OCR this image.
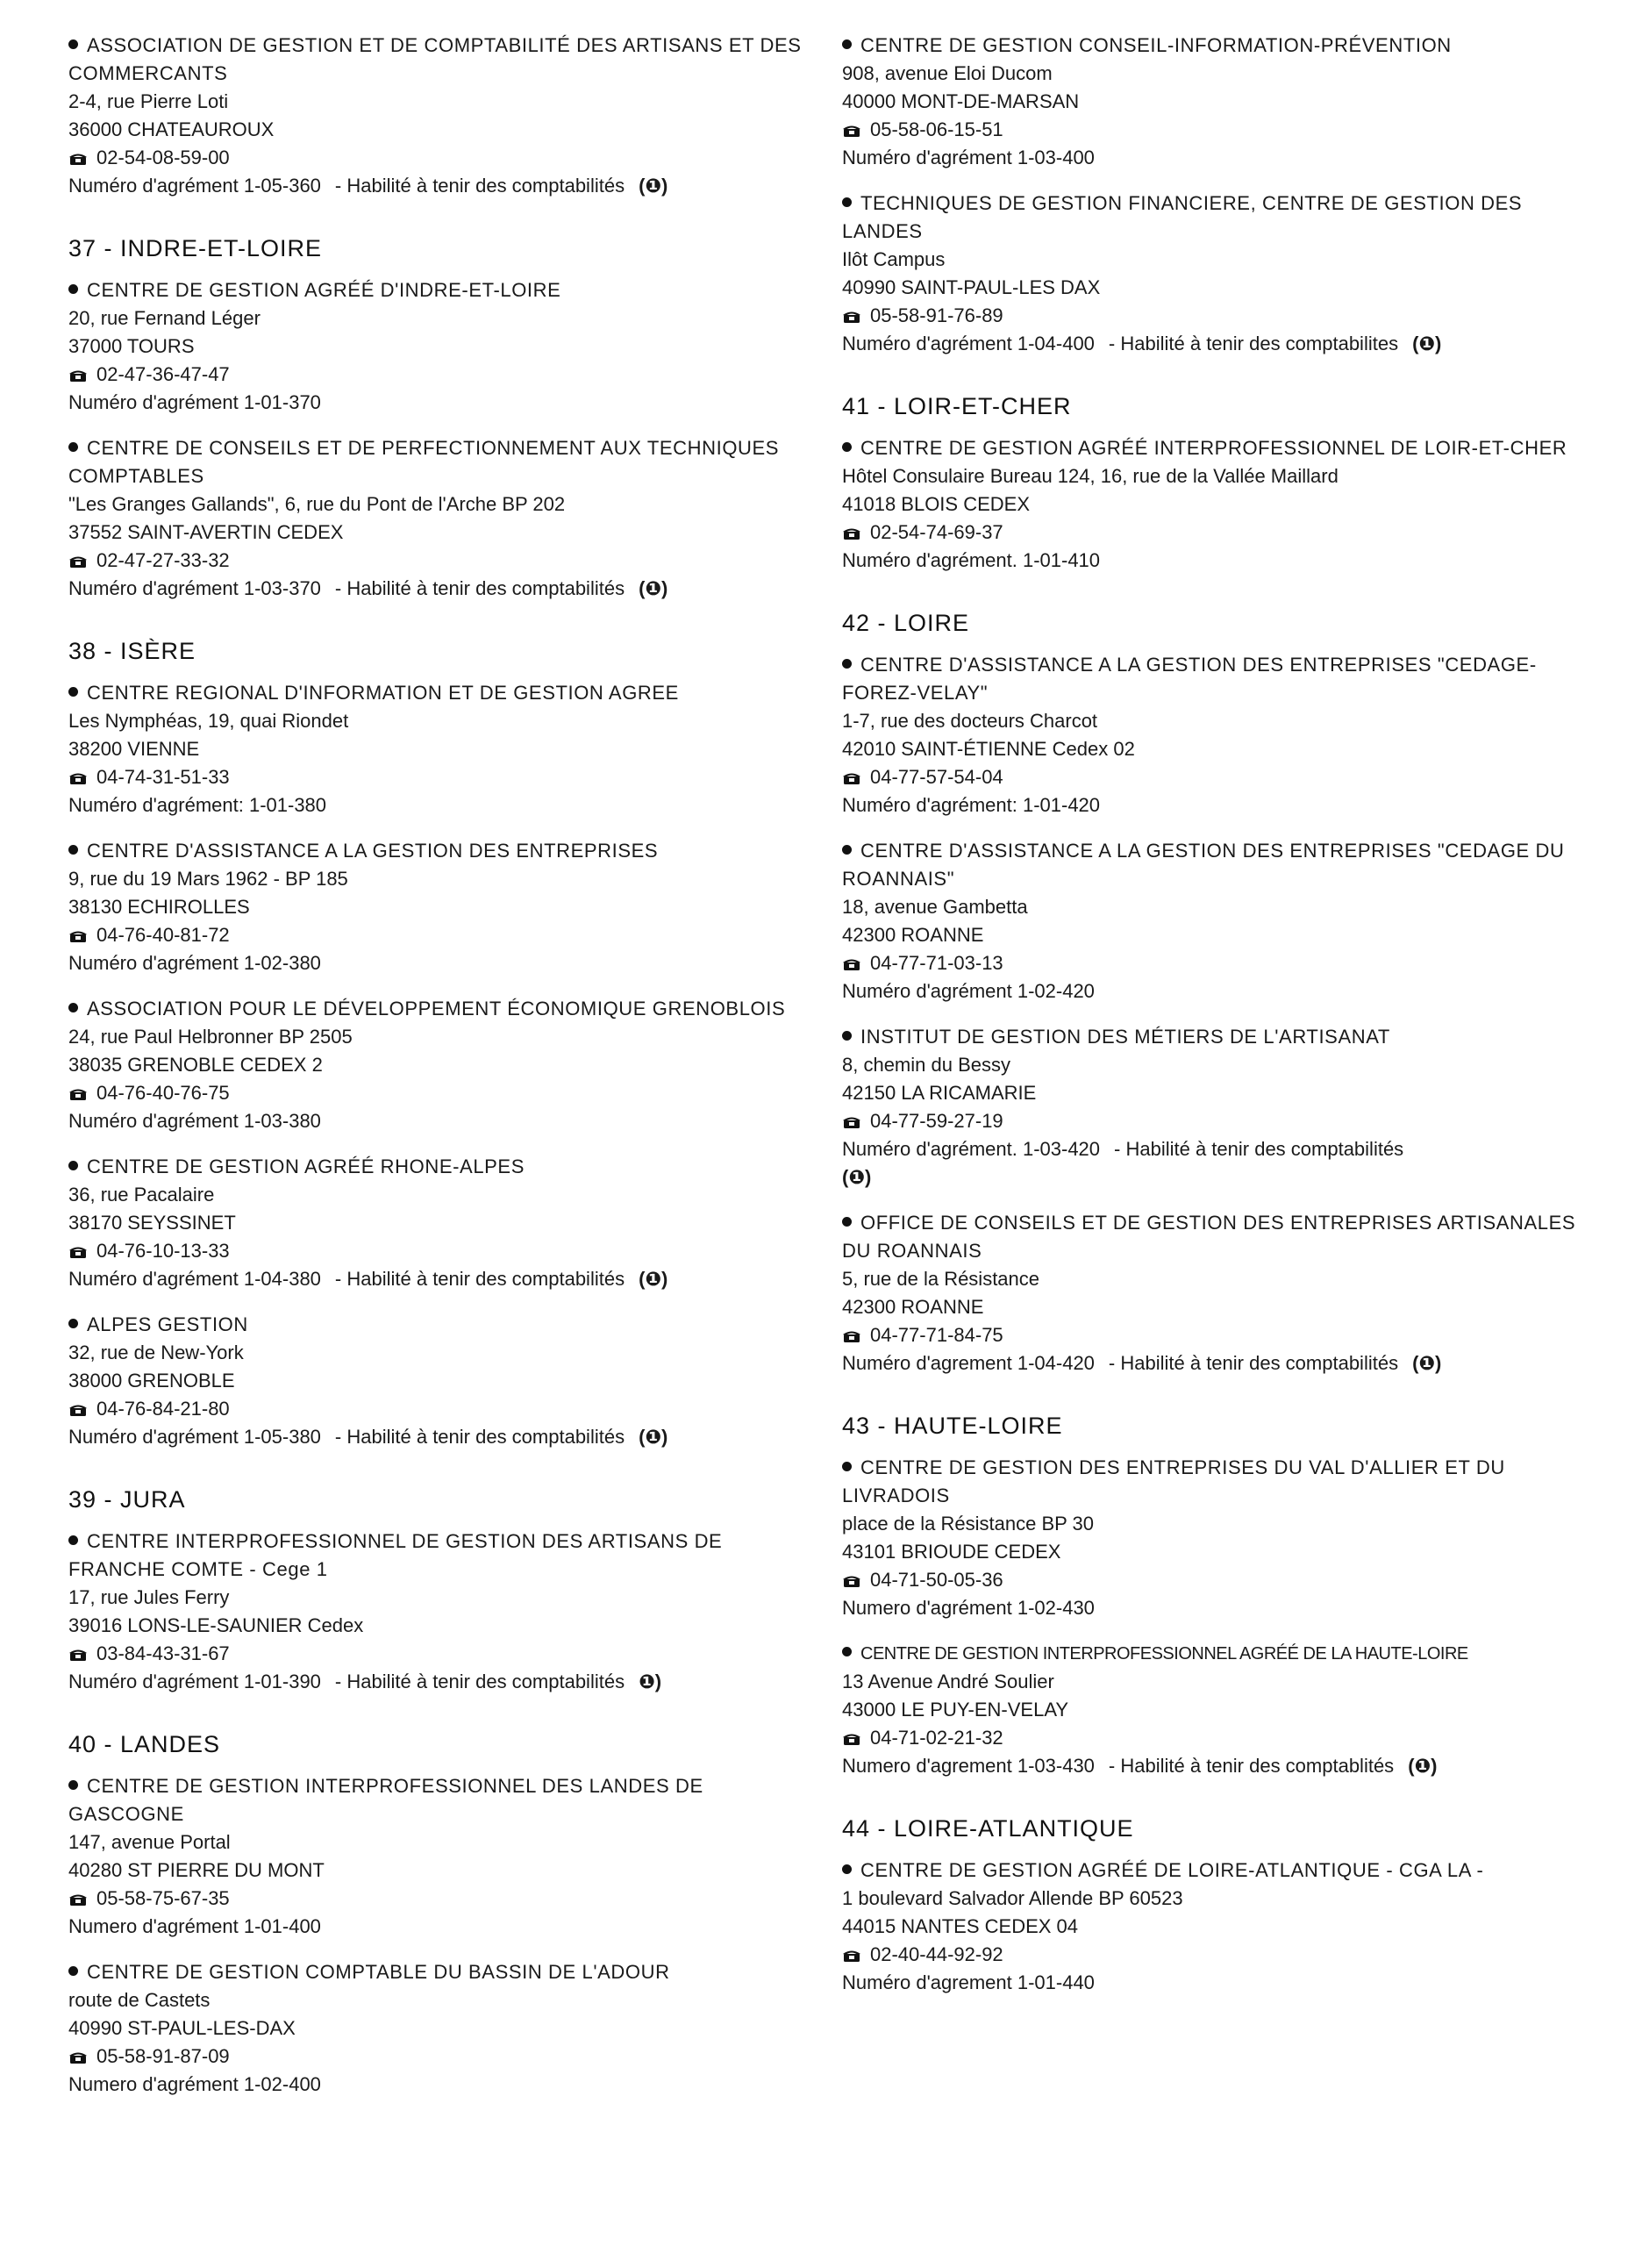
ASSOCIATION DE GESTION ET DE COMPTABILITÉ DES ARTISANS ET DES COMMERCANTS
2-4, rue Pierre Loti
36000 CHATEAUROUX
02-54-08-59-00
Numéro d'agrément 1-05-360 - Habilité à tenir des comptabilités (❶)
37 - INDRE-ET-LOIRE
CENTRE DE GESTION AGRÉÉ D'INDRE-ET-LOIRE
20, rue Fernand Léger
37000 TOURS
02-47-36-47-47
Numéro d'agrément 1-01-370
CENTRE DE CONSEILS ET DE PERFECTIONNEMENT AUX TECHNIQUES COMPTABLES
"Les Granges Gallands", 6, rue du Pont de l'Arche BP 202
37552 SAINT-AVERTIN CEDEX
02-47-27-33-32
Numéro d'agrément 1-03-370 - Habilité à tenir des comptabilités (❶)
38 - ISÈRE
CENTRE REGIONAL D'INFORMATION ET DE GESTION AGREE
Les Nymphéas, 19, quai Riondet
38200 VIENNE
04-74-31-51-33
Numéro d'agrément: 1-01-380
CENTRE D'ASSISTANCE A LA GESTION DES ENTREPRISES
9, rue du 19 Mars 1962 - BP 185
38130 ECHIROLLES
04-76-40-81-72
Numéro d'agrément 1-02-380
ASSOCIATION POUR LE DÉVELOPPEMENT ÉCONOMIQUE GRENOBLOIS
24, rue Paul Helbronner BP 2505
38035 GRENOBLE CEDEX 2
04-76-40-76-75
Numéro d'agrément 1-03-380
CENTRE DE GESTION AGRÉÉ RHONE-ALPES
36, rue Pacalaire
38170 SEYSSINET
04-76-10-13-33
Numéro d'agrément 1-04-380 - Habilité à tenir des comptabilités (❶)
ALPES GESTION
32, rue de New-York
38000 GRENOBLE
04-76-84-21-80
Numéro d'agrément 1-05-380 - Habilité à tenir des comptabilités (❶)
39 - JURA
CENTRE INTERPROFESSIONNEL DE GESTION DES ARTISANS DE FRANCHE COMTE - Cege 1
17, rue Jules Ferry
39016 LONS-LE-SAUNIER Cedex
03-84-43-31-67
Numéro d'agrément 1-01-390 - Habilité à tenir des comptabilités ❶)
40 - LANDES
CENTRE DE GESTION INTERPROFESSIONNEL DES LANDES DE GASCOGNE
147, avenue Portal
40280 ST PIERRE DU MONT
05-58-75-67-35
Numero d'agrément 1-01-400
CENTRE DE GESTION COMPTABLE DU BASSIN DE L'ADOUR
route de Castets
40990 ST-PAUL-LES-DAX
05-58-91-87-09
Numero d'agrément 1-02-400
CENTRE DE GESTION CONSEIL-INFORMATION-PRÉVENTION
908, avenue Eloi Ducom
40000 MONT-DE-MARSAN
05-58-06-15-51
Numéro d'agrément 1-03-400
TECHNIQUES DE GESTION FINANCIERE, CENTRE DE GESTION DES LANDES
Ilôt Campus
40990 SAINT-PAUL-LES DAX
05-58-91-76-89
Numéro d'agrément 1-04-400 - Habilité à tenir des comptabilites (❶)
41 - LOIR-ET-CHER
CENTRE DE GESTION AGRÉÉ INTERPROFESSIONNEL DE LOIR-ET-CHER
Hôtel Consulaire Bureau 124, 16, rue de la Vallée Maillard
41018 BLOIS CEDEX
02-54-74-69-37
Numéro d'agrément. 1-01-410
42 - LOIRE
CENTRE D'ASSISTANCE A LA GESTION DES ENTREPRISES "CEDAGE-FOREZ-VELAY"
1-7, rue des docteurs Charcot
42010 SAINT-ÉTIENNE Cedex 02
04-77-57-54-04
Numéro d'agrément: 1-01-420
CENTRE D'ASSISTANCE A LA GESTION DES ENTREPRISES "CEDAGE DU ROANNAIS"
18, avenue Gambetta
42300 ROANNE
04-77-71-03-13
Numéro d'agrément 1-02-420
INSTITUT DE GESTION DES MÉTIERS DE L'ARTISANAT
8, chemin du Bessy
42150 LA RICAMARIE
04-77-59-27-19
Numéro d'agrément. 1-03-420 - Habilité à tenir des comptabilités
(❶)
OFFICE DE CONSEILS ET DE GESTION DES ENTREPRISES ARTISANALES DU ROANNAIS
5, rue de la Résistance
42300 ROANNE
04-77-71-84-75
Numéro d'agrement 1-04-420 - Habilité à tenir des comptabilités (❶)
43 - HAUTE-LOIRE
CENTRE DE GESTION DES ENTREPRISES DU VAL D'ALLIER ET DU LIVRADOIS
place de la Résistance BP 30
43101 BRIOUDE CEDEX
04-71-50-05-36
Numero d'agrément 1-02-430
CENTRE DE GESTION INTERPROFESSIONNEL AGRÉÉ DE LA HAUTE-LOIRE
13 Avenue André Soulier
43000 LE PUY-EN-VELAY
04-71-02-21-32
Numero d'agrement 1-03-430 - Habilité à tenir des comptablités (❶)
44 - LOIRE-ATLANTIQUE
CENTRE DE GESTION AGRÉÉ DE LOIRE-ATLANTIQUE - CGA LA -
1 boulevard Salvador Allende BP 60523
44015 NANTES CEDEX 04
02-40-44-92-92
Numéro d'agrement 1-01-440
